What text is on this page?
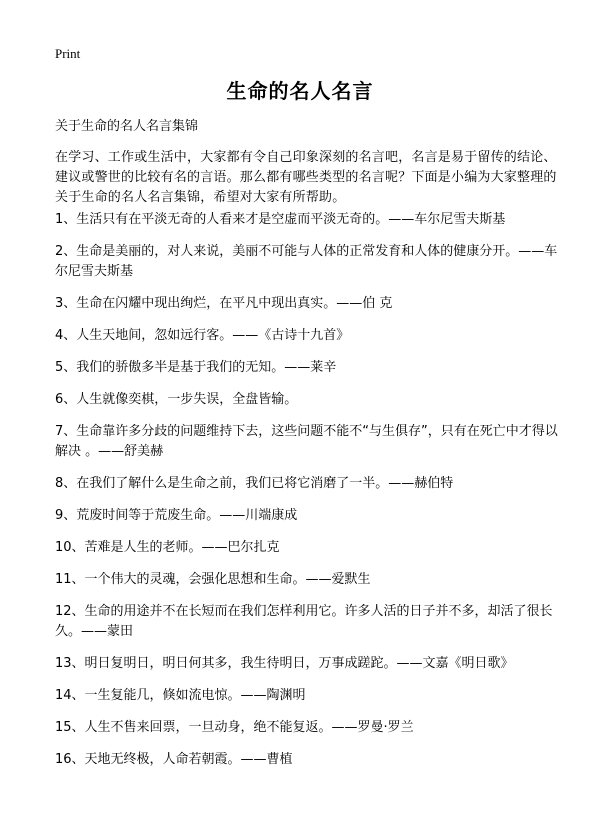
Print
生命的名人名言
关于生命的名人名言集锦
在学习、工作或生活中，大家都有令自己印象深刻的名言吧，名言是易于留传的结论、建议或警世的比较有名的言语。那么都有哪些类型的名言呢？下面是小编为大家整理的关于生命的名人名言集锦，希望对大家有所帮助。
1、生活只有在平淡无奇的人看来才是空虚而平淡无奇的。——车尔尼雪夫斯基
2、生命是美丽的，对人来说，美丽不可能与人体的正常发育和人体的健康分开。——车尔尼雪夫斯基
3、生命在闪耀中现出绚烂，在平凡中现出真实。——伯 克
4、人生天地间，忽如远行客。——《古诗十九首》
5、我们的骄傲多半是基于我们的无知。——莱辛
6、人生就像奕棋，一步失误，全盘皆输。
7、生命靠许多分歧的问题维持下去，这些问题不能不“与生俱存”，只有在死亡中才得以解决 。——舒美赫
8、在我们了解什么是生命之前，我们已将它消磨了一半。——赫伯特
9、荒废时间等于荒废生命。——川端康成
10、苦难是人生的老师。——巴尔扎克
11、一个伟大的灵魂，会强化思想和生命。——爱默生
12、生命的用途并不在长短而在我们怎样利用它。许多人活的日子并不多，却活了很长久。——蒙田
13、明日复明日，明日何其多，我生待明日，万事成蹉跎。——文嘉《明日歌》
14、一生复能几，倏如流电惊。——陶渊明
15、人生不售来回票，一旦动身，绝不能复返。——罗曼·罗兰
16、天地无终极，人命若朝霞。——曹植
